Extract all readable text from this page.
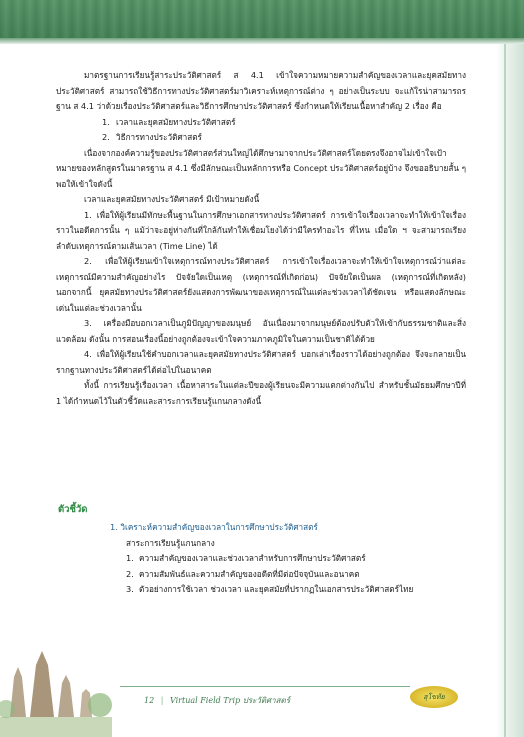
มาตรฐานการเรียนรู้สาระประวัติศาสตร์ ส 4.1 เข้าใจความหมายความสำคัญของเวลาและยุคสมัยทางประวัติศาสตร์ สามารถใช้วิธีการทางประวัติศาสตร์มาวิเคราะห์เหตุการณ์ต่าง ๆ อย่างเป็นระบบ จะแก้ใรน่าสามารถรฐาน ส 4.1 ว่าด้วยเรื่องประวัติศาสตร์และวิธีการศึกษาประวัติศาสตร์ ซึ่งกำหนดให้เรียนเนื้อหาสำคัญ 2 เรื่อง คือ
1. เวลาและยุคสมัยทางประวัติศาสตร์
2. วิธีการทางประวัติศาสตร์
เนื่องจากองค์ความรู้ของประวัติศาสตร์ส่วนใหญ่ได้ศึกษามาจากประวัติศาสตร์โดยตรงจึงอาจไม่เข้าใจเป้าหมายของหลักสูตรในมาตรฐาน ส 4.1 ซึ่งมีลักษณะเป็นหลักการหรือ Concept ประวัติศาสตร์อยู่บ้าง จึงขออธิบายสั้น ๆ พอให้เข้าใจดังนี้
เวลาและยุคสมัยทางประวัติศาสตร์ มีเป้าหมายดังนี้
1. เพื่อให้ผู้เรียนมีทักษะพื้นฐานในการศึกษาเอกสารทางประวัติศาสตร์ การเข้าใจเรื่องเวลาจะทำให้เข้าใจเรื่องราวในอดีตการนั้น ๆ แม้ว่าจะอยู่ห่างกันที่ใกล้กันทำให้เชื่อมโยงได้ว่ามีใครทำอะไร ที่ไหน เมื่อใด ฯ จะสามารถเรียงลำดับเหตุการณ์ตามเส้นเวลา (Time Line) ได้
2. เพื่อให้ผู้เรียนเข้าใจเหตุการณ์ทางประวัติศาสตร์ การเข้าใจเรื่องเวลาจะทำให้เข้าใจเหตุการณ์ว่าแต่ละเหตุการณ์มีความสำคัญอย่างไร ปัจจัยใดเป็นเหตุ (เหตุการณ์ที่เกิดก่อน) ปัจจัยใดเป็นผล (เหตุการณ์ที่เกิดหลัง) นอกจากนี้ ยุคสมัยทางประวัติศาสตร์ยังแสดงการพัฒนาของเหตุการณ์ในแต่ละช่วงเวลาได้ชัดเจน หรือแสดงลักษณะเด่นในแต่ละช่วงเวลานั้น
3. เครื่องมือบอกเวลาเป็นภูมิปัญญาของมนุษย์ อันเนื่องมาจากมนุษย์ต้องปรับตัวให้เข้ากับธรรมชาติและสิ่งแวดล้อม ดังนั้น การสอนเรื่องนี้อย่างถูกต้องจะเข้าใจความภาคภูมิใจในความเป็นชาติได้ด้วย
4. เพื่อให้ผู้เรียนใช้คำบอกเวลาและยุคสมัยทางประวัติศาสตร์ บอกเล่าเรื่องราวได้อย่างถูกต้อง จึงจะกลายเป็นรากฐานทางประวัติศาสตร์ได้ต่อไปในอนาคต
ทั้งนี้ การเรียนรู้เรื่องเวลา เนื้อหาสาระในแต่ละปีของผู้เรียนจะมีความแตกต่างกันไป สำหรับชั้นมัธยมศึกษาปีที่ 1 ได้กำหนดไว้ในตัวชี้วัดและสาระการเรียนรู้แกนกลางดังนี้
ตัวชี้วัด
1. วิเคราะห์ความสำคัญของเวลาในการศึกษาประวัติศาสตร์
สาระการเรียนรู้แกนกลาง
1.  ความสำคัญของเวลาและช่วงเวลาสำหรับการศึกษาประวัติศาสตร์
2.  ความสัมพันธ์และความสำคัญของอดีตที่มีต่อปัจจุบันและอนาคต
3.  ตัวอย่างการใช้เวลา ช่วงเวลา และยุคสมัยที่ปรากฏในเอกสารประวัติศาสตร์ไทย
12 | Virtual Field Trip ประวัติศาสตร์	สุโขทัย
